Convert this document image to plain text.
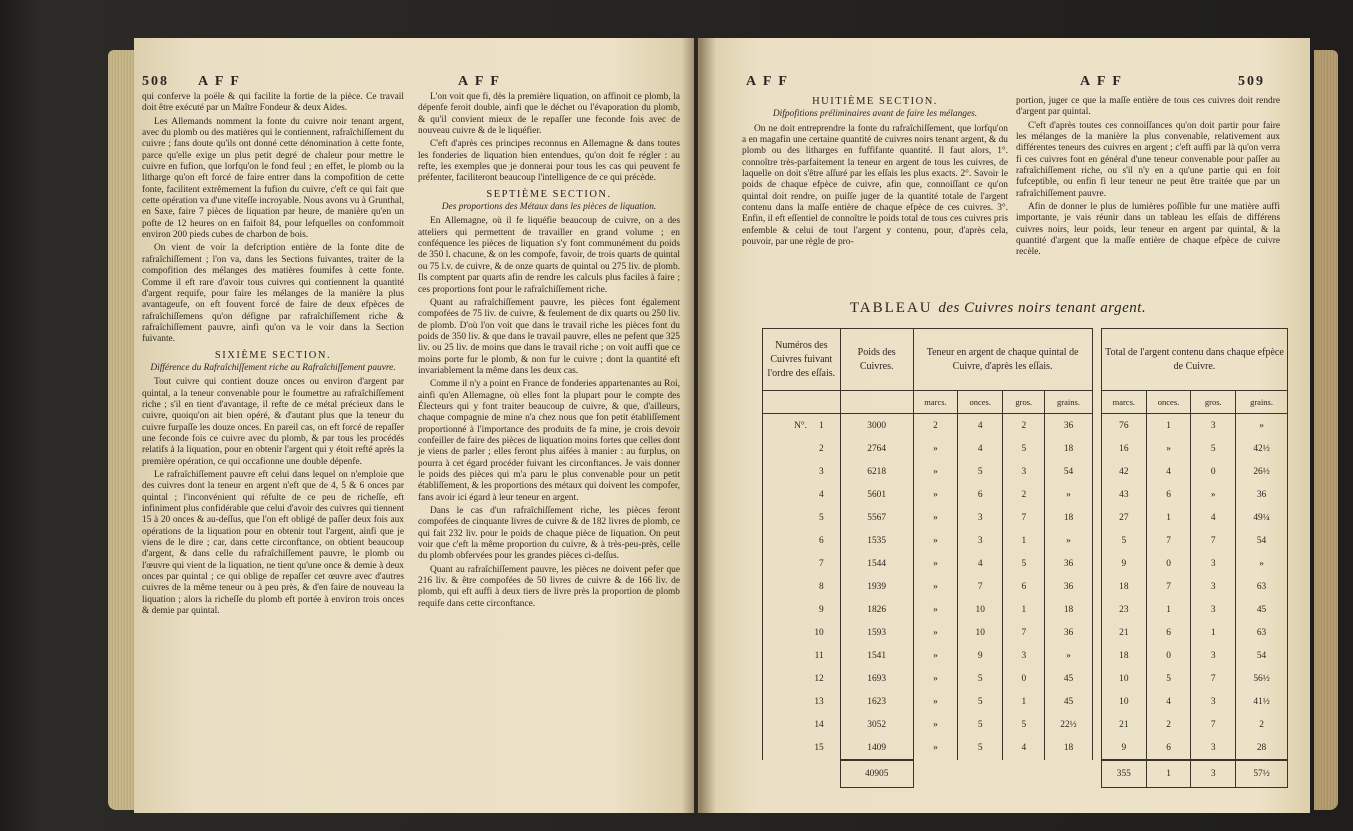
508 A F F	A F F

qui conferve la poële & qui facilite la fortie de la pièce. Ce travail doit être exécuté par un Maître Fondeur & deux Aides.

Les Allemands nomment la fonte du cuivre noir tenant argent, avec du plomb ou des matières qui le contiennent, rafraîchiſſement du cuivre ; fans doute qu'ils ont donné cette dénomination à cette fonte, parce qu'elle exige un plus petit degré de chaleur pour mettre le cuivre en fufion, que lorfqu'on le fond feul ; en effet, le plomb ou la litharge qu'on eft forcé de faire entrer dans la compofition de cette fonte, facilitent extrêmement la fufion du cuivre, c'eft ce qui fait que cette opération va d'une viteſſe incroyable. Nous avons vu à Grunthal, en Saxe, faire 7 pièces de liquation par heure, de manière qu'en un pofte de 12 heures on en faifoit 84, pour lefquelles on confommoit environ 200 pieds cubes de charbon de bois.

On vient de voir la defcription entière de la fonte dite de rafraîchiſſement ; l'on va, dans les Sections fuivantes, traiter de la compofition des mélanges des matières foumifes à cette fonte. Comme il eft rare d'avoir tous cuivres qui contiennent la quantité d'argent requife, pour faire les mélanges de la manière la plus avantageufe, on eft fouvent forcé de faire de deux efpèces de rafraîchiſſemens qu'on défigne par rafraîchiſſement riche & rafraîchiſſement pauvre, ainfi qu'on va le voir dans la Section fuivante.

SIXIÈME SECTION.
Différence du Rafraîchiſſement riche au Rafraîchiſſement pauvre.

Tout cuivre qui contient douze onces ou environ d'argent par quintal, a la teneur convenable pour le foumettre au rafraîchiſſement riche ; s'il en tient d'avantage, il refte de ce métal précieux dans le cuivre, quoiqu'on ait bien opéré, & d'autant plus que la teneur du cuivre furpaſſe les douze onces. En pareil cas, on eft forcé de repaſſer une feconde fois ce cuivre avec du plomb, & par tous les procédés relatifs à la liquation, pour en obtenir l'argent qui y étoit refté après la première opération, ce qui occafionne une double dépenfe.

Le rafraîchiſſement pauvre eft celui dans lequel on n'emploie que des cuivres dont la teneur en argent n'eft que de 4, 5 & 6 onces par quintal ; l'inconvénient qui réfulte de ce peu de richeſſe, eft infiniment plus confidérable que celui d'avoir des cuivres qui tiennent 15 à 20 onces & au-deſſus, que l'on eft obligé de paſſer deux fois aux opérations de la liquation pour en obtenir tout l'argent, ainfi que je viens de le dire ; car, dans cette circonftance, on obtient beaucoup d'argent, & dans celle du rafraîchiſſement pauvre, le plomb ou l'œuvre qui vient de la liquation, ne tient qu'une once & demie à deux onces par quintal ; ce qui oblige de repaſſer cet œuvre avec d'autres cuivres de la même teneur ou à peu près, & d'en faire de nouveau la liquation ; alors la richeſſe du plomb eft portée à environ trois onces & demie par quintal.

L'on voit que fi, dès la première liquation, on affinoit ce plomb, la dépenfe feroit double, ainfi que le déchet ou l'évaporation du plomb, & qu'il convient mieux de le repaſſer une feconde fois avec de nouveau cuivre & de le liquéfier.

C'eft d'après ces principes reconnus en Allemagne & dans toutes les fonderies de liquation bien entendues, qu'on doit fe régler : au refte, les exemples que je donnerai pour tous les cas qui peuvent fe préfenter, faciliteront beaucoup l'intelligence de ce qui précède.

SEPTIÈME SECTION.
Des proportions des Métaux dans les pièces de liquation.

En Allemagne, où il fe liquéfie beaucoup de cuivre, on a des atteliers qui permettent de travailler en grand volume ; en conféquence les pièces de liquation s'y font communément du poids de 350 l. chacune, & on les compofe, favoir, de trois quarts de quintal ou 75 l.v. de cuivre, & de onze quarts de quintal ou 275 liv. de plomb. Ils comptent par quarts afin de rendre les calculs plus faciles à faire ; ces proportions font pour le rafraîchiſſement riche.

Quant au rafraîchiſſement pauvre, les pièces font également compofées de 75 liv. de cuivre, & feulement de dix quarts ou 250 liv. de plomb. D'où l'on voit que dans le travail riche les pièces font du poids de 350 liv. & que dans le travail pauvre, elles ne pefent que 325 liv. ou 25 liv. de moins que dans le travail riche ; on voit auffi que ce moins porte fur le plomb, & non fur le cuivre ; dont la quantité eft invariablement la même dans les deux cas.

Comme il n'y a point en France de fonderies appartenantes au Roi, ainfi qu'en Allemagne, où elles font la plupart pour le compte des Électeurs qui y font traiter beaucoup de cuivre, & que, d'ailleurs, chaque compagnie de mine n'a chez nous que fon petit établiſſement proportionné à l'importance des produits de fa mine, je crois devoir confeiller de faire des pièces de liquation moins fortes que celles dont je viens de parler ; elles feront plus aifées à manier : au furplus, on pourra à cet égard procéder fuivant les circonftances. Je vais donner le poids des pièces qui m'a paru le plus convenable pour un petit établiſſement, & les proportions des métaux qui doivent les compofer, fans avoir ici égard à leur teneur en argent.

Dans le cas d'un rafraîchiſſement riche, les pièces feront compofées de cinquante livres de cuivre & de 182 livres de plomb, ce qui fait 232 liv. pour le poids de chaque pièce de liquation. On peut voir que c'eft la même proportion du cuivre, & à très-peu-près, celle du plomb obfervées pour les grandes pièces ci-deſſus.

Quant au rafraîchiſſement pauvre, les pièces ne doivent pefer que 216 liv. & être compofées de 50 livres de cuivre & de 166 liv. de plomb, qui eft auffi à deux tiers de livre près la proportion de plomb requife dans cette circonftance.

A F F	A F F	509
HUITIÈME SECTION.
Difpofitions préliminaires avant de faire les mélanges.

On ne doit entreprendre la fonte du rafraîchiſſement, que lorfqu'on a en magafin une certaine quantité de cuivres noirs tenant argent, & du plomb ou des litharges en fuffifante quantité. Il faut alors, 1°. connoître très-parfaitement la teneur en argent de tous les cuivres, de laquelle on doit s'être aſſuré par les eſſais les plus exacts. 2°. Savoir le poids de chaque efpèce de cuivre, afin que, connoiſſant ce qu'on quintal doit rendre, on puiſſe juger de la quantité totale de l'argent contenu dans la maſſe entière de chaque efpèce de ces cuivres. 3°. Enfin, il eft eſſentiel de connoître le poids total de tous ces cuivres pris enfemble & celui de tout l'argent y contenu, pour, d'après cela, pouvoir, par une règle de pro-

portion, juger ce que la maſſe entière de tous ces cuivres doit rendre d'argent par quintal.

C'eft d'après toutes ces connoiſſances qu'on doit partir pour faire les mélanges de la manière la plus convenable, relativement aux différentes teneurs des cuivres en argent ; c'eft auffi par là qu'on verra fi ces cuivres font en général d'une teneur convenable pour paſſer au rafraîchiſſement riche, ou s'il n'y en a qu'une partie qui en foit fufceptible, ou enfin fi leur teneur ne peut être traitée que par un rafraîchiſſement pauvre.

Afin de donner le plus de lumières poſſible fur une matière auffi importante, je vais réunir dans un tableau les eſſais de différens cuivres noirs, leur poids, leur teneur en argent par quintal, & la quantité d'argent que la maſſe entière de chaque efpèce de cuivre recèle.

TABLEAU des Cuivres noirs tenant argent.
Numéros des Cuivres fuivant l'ordre des eſſais.	Poids des Cuivres.	Teneur en argent de chaque quintal de Cuivre, d'après les eſſais.					Total de l'argent contenu dans chaque efpèce de Cuivre.			
		marcs.	onces.	gros.	grains.		marcs.	onces.	gros.	grains.
N°. 1	3000	2	4	2	36		76	1	3	»
2	2764	»	4	5	18		16	»	5	42½
3	6218	»	5	3	54		42	4	0	26½
4	5601	»	6	2	»		43	6	»	36
5	5567	»	3	7	18		27	1	4	49¼
6	1535	»	3	1	»		5	7	7	54
7	1544	»	4	5	36		9	0	3	»
8	1939	»	7	6	36		18	7	3	63
9	1826	»	10	1	18		23	1	3	45
10	1593	»	10	7	36		21	6	1	63
11	1541	»	9	3	»		18	0	3	54
12	1693	»	5	0	45		10	5	7	56½
13	1623	»	5	1	45		10	4	3	41½
14	3052	»	5	5	22½		21	2	7	2
15	1409	»	5	4	18		9	6	3	28
	40905						355	1	3	57½
